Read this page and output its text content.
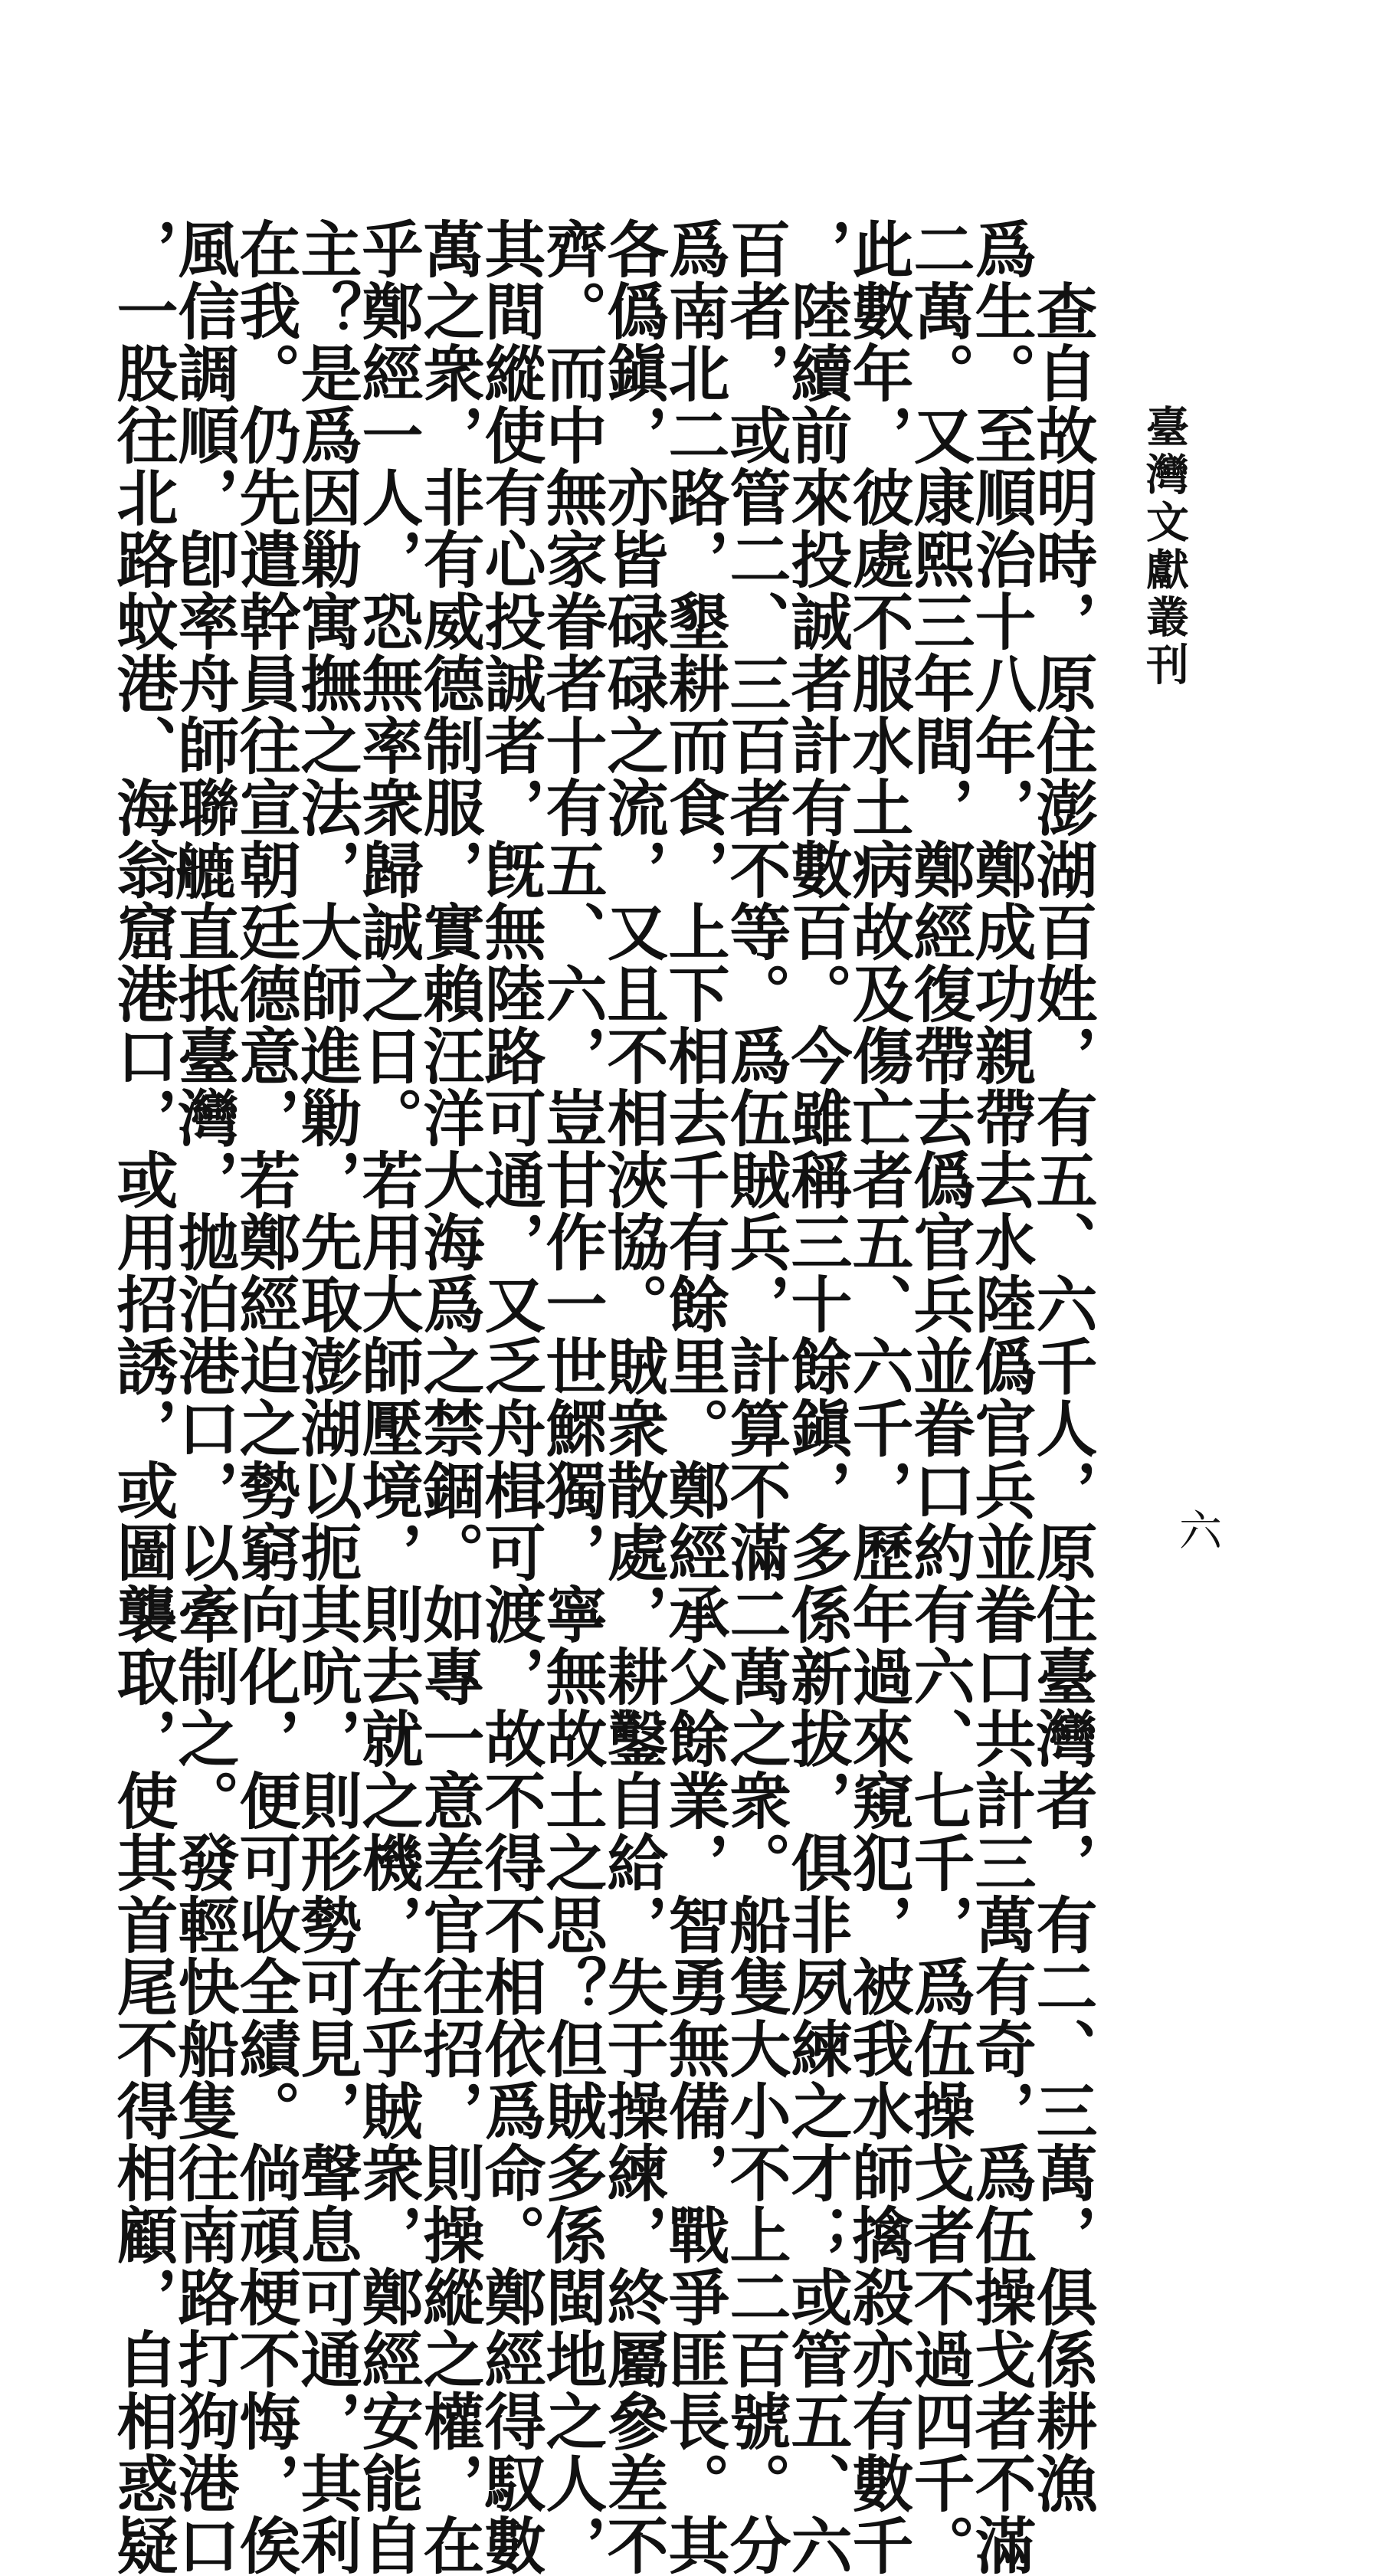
臺灣文獻叢刊
六
　查自故明時，原住澎湖百姓，有五、六千人，原住臺灣者，有二、三萬，俱係耕漁
爲生。至順治十八年，鄭成功親帶去水陸僞官兵並眷口共計三萬有奇，爲伍操戈者不滿
二萬。又康熙三年間，鄭經復帶去僞官兵並眷口約有六、七千，爲伍操戈者不過四千。
此數年，彼處不服水土病故及傷亡者五、六千，歷年過來窺犯，被我水師擒殺亦有數千
，陸續前來投誠者計有數百。今雖稱三十餘鎭，多係新拔，俱非夙練之才；或管五、六
百者，或管二、三百者不等。爲伍賊兵，計算不滿二萬之衆。船隻大小不上二百號。分
爲南北二路，墾耕而食，上下相去千有餘里。鄭經承父餘業，智勇無備，戰爭匪長。其
各僞鎭，亦皆碌碌之流，又且不相浹協。賊衆散處，耕鑿自給，失于操練，終屬參差不
齊。而中無家眷者十有五、六，豈甘作一世鰥獨，寧無故土之思？但賊多係閩地之人，
其間縱使有心投誠者，旣無陸路可通，又乏舟楫可渡，故不得不相依爲命。鄭經得馭數
萬之衆，非有威德制服，實賴汪洋大海爲之禁錮。如專一意差官往招，則操縱之權，在
乎鄭經一人，恐無率衆歸誠之日。若用大師壓境，則去就之機，在乎賊衆，鄭經安能自
主？是爲因勦寓撫之法，大師進勦，先取澎湖以扼其吭，則形勢可見，聲息可通，其利
在我。仍先遣幹員往宣朝廷德意，若鄭經迫之勢窮向化，便可收全績。倘頑梗不悔，俟
風信調順，卽率舟師聯𦪇直抵臺灣，拋泊港口，以牽制之。發輕快船隻往南路打狗港口
，一股往北路蚊港、海翁窟港口，或用招誘，或圖襲取，使其首尾不得相顧，自相惑疑
